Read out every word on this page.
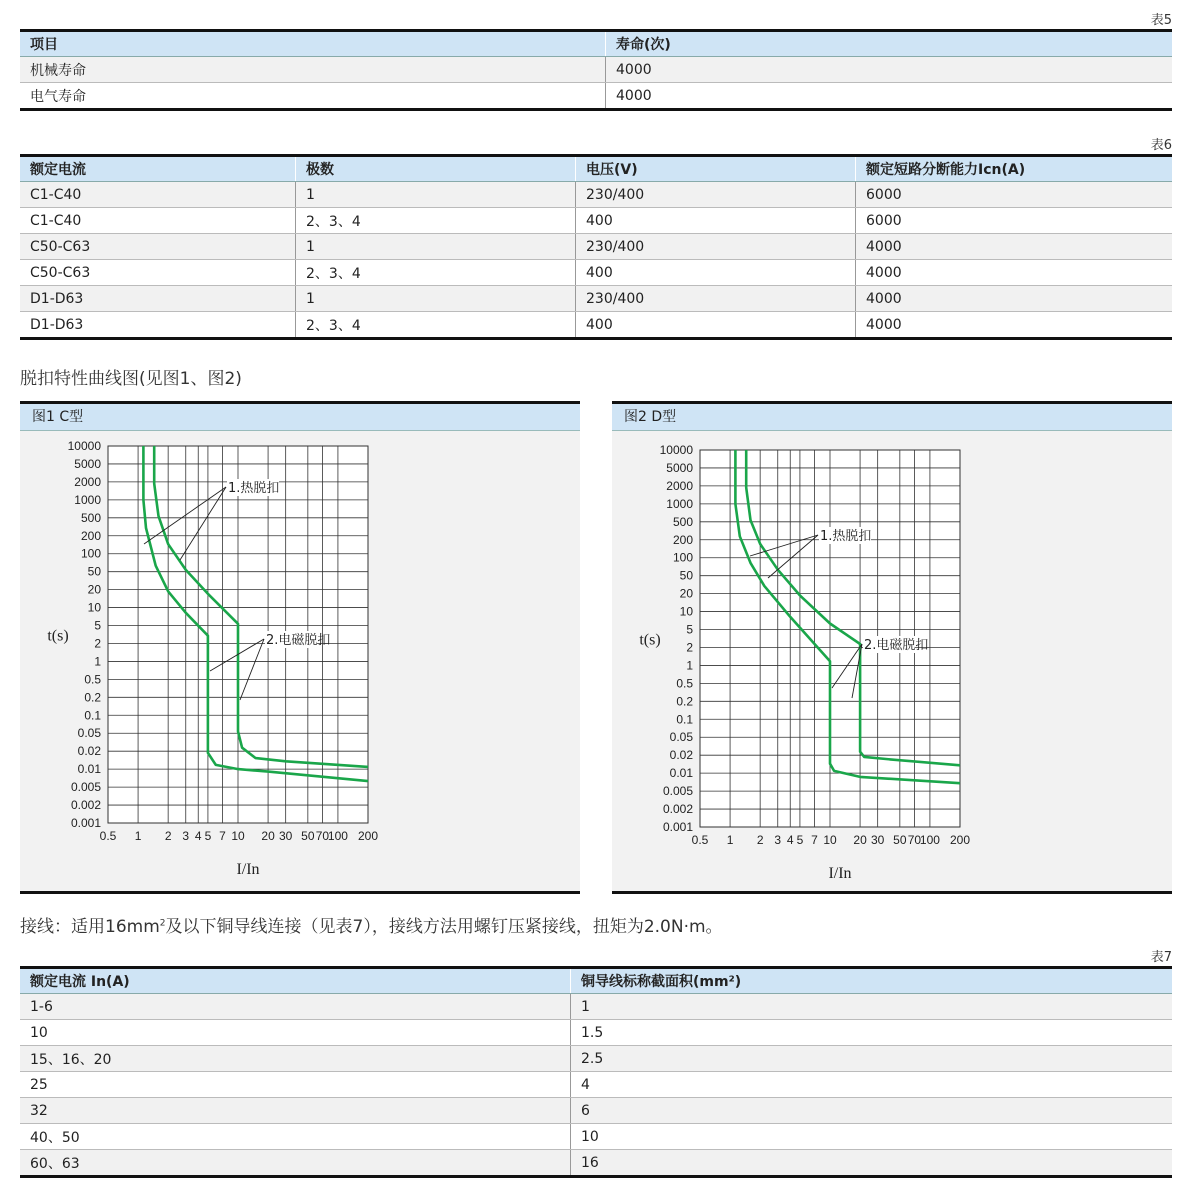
表5
项目	寿命(次)
机械寿命	4000
电气寿命	4000
表6
额定电流	极数	电压(V)	额定短路分断能力Icn(A)
C1-C40	1	230/400	6000
C1-C40	2、3、4	400	6000
C50-C63	1	230/400	4000
C50-C63	2、3、4	400	4000
D1-D63	1	230/400	4000
D1-D63	2、3、4	400	4000
脱扣特性曲线图(见图1、图2)
图1 C型
0.5 1 2 3 4 5 7 10 20 30 50 70
100 200
10000
5000
2000
1000
500
200
100
50
20
10
5
2
1
0.5
0.2
0.1
0.05
0.02
0.01
0.005
0.002
0.001
t(s)
I/In
1.热脱扣
2.电磁脱扣
图2 D型
0.5 1 2 3 4 5 7 10 20 30 50 70
100 200
10000
5000
2000
1000
500
200
100
50
20
10
5
2
1
0.5
0.2
0.1
0.05
0.02
0.01
0.005
0.002
0.001
t(s)
I/In
1.热脱扣
2.电磁脱扣
接线：适用$16mm^2$及以下铜导线连接（见表7），接线方法用螺钉压紧接线，扭矩为2.0N·m。
表7
额定电流 In(A)	铜导线标称截面积(mm²)
1-6	1
10	1.5
15、16、20	2.5
25	4
32	6
40、50	10
60、63	16
